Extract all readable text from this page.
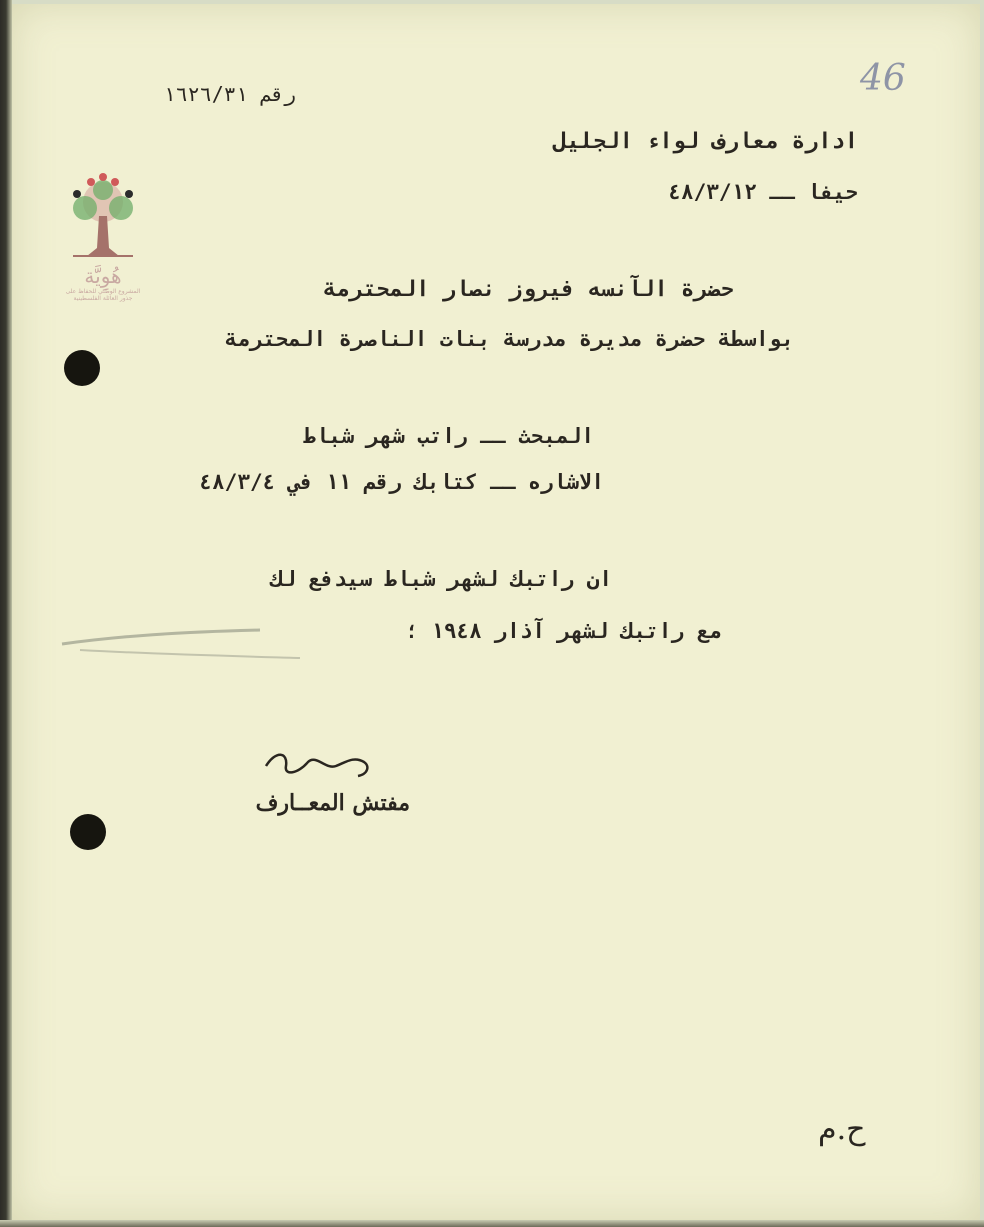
46
رقم ١٦٢٦/٣١
ادارة معارف لواء الجليل
حيفا ــ ٤٨/٣/١٢
هُوِيَّة
المشروع الوطني للحفاظ على
جذور العائلة الفلسطينية	حضرة الآنسه فيروز نصار المحترمة
بواسطة حضرة مديرة مدرسة بنات الناصرة المحترمة
المبحث ــ راتب شهر شباط
الاشاره ــ كتابك رقم ١١ في ٤٨/٣/٤
ان راتبك لشهر شباط سيدفع لك
مع راتبك لشهر آذار ١٩٤٨ ؛
مفتش المعــارف
ح.م
